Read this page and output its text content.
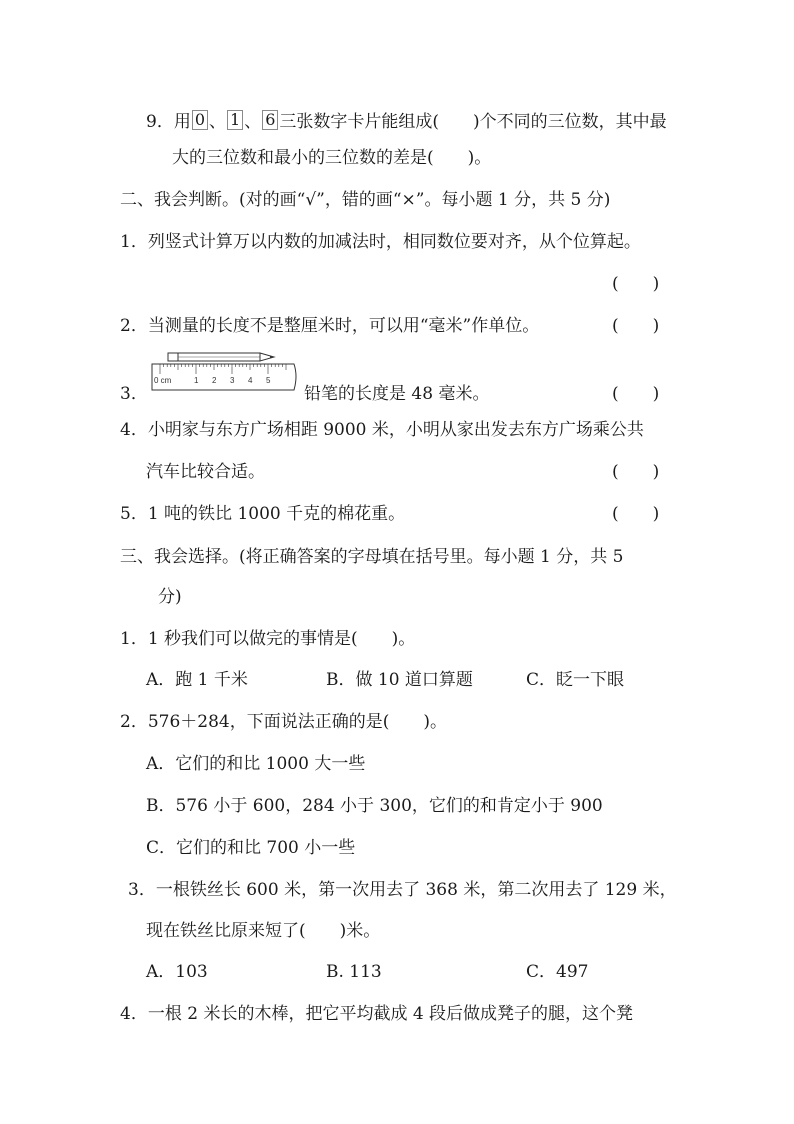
9．用 0 、 1 、 6 三张数字卡片能组成(　　)个不同的三位数，其中最
大的三位数和最小的三位数的差是(　　)。
二、我会判断。(对的画“√”，错的画“×”。每小题 1 分，共 5 分)
1．列竖式计算万以内数的加减法时，相同数位要对齐，从个位算起。
(　　)
2．当测量的长度不是整厘米时，可以用“毫米”作单位。	(　　)
3．
0 cm	1 2 3 4 5
铅笔的长度是 48 毫米。	(　　)
4．小明家与东方广场相距 9000 米，小明从家出发去东方广场乘公共
汽车比较合适。	(　　)
5．1 吨的铁比 1000 千克的棉花重。	(　　)
三、我会选择。(将正确答案的字母填在括号里。每小题 1 分，共 5
分)
1．1 秒我们可以做完的事情是(　　)。
A．跑 1 千米	B．做 10 道口算题	C．眨一下眼
2．576＋284，下面说法正确的是(　　)。
A．它们的和比 1000 大一些
B．576 小于 600，284 小于 300，它们的和肯定小于 900
C．它们的和比 700 小一些
3．一根铁丝长 600 米，第一次用去了 368 米，第二次用去了 129 米，
现在铁丝比原来短了(　　)米。
A．103	B. 113	C．497
4．一根 2 米长的木棒，把它平均截成 4 段后做成凳子的腿，这个凳
